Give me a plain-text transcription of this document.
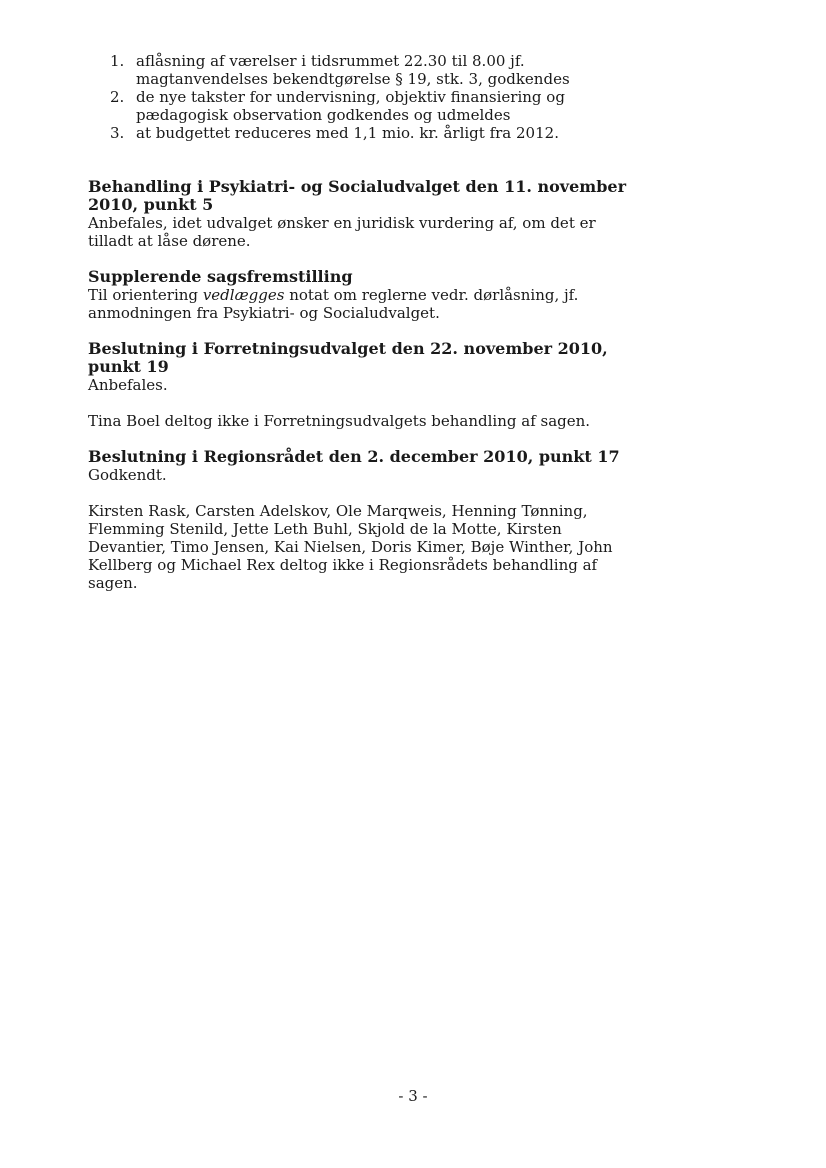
1. aflåsning af værelser i tidsrummet 22.30 til 8.00 jf. magtanvendelses bekendtgørelse § 19, stk. 3, godkendes
2. de nye takster for undervisning, objektiv finansiering og pædagogisk observation godkendes og udmeldes
3. at budgettet reduceres med 1,1 mio. kr. årligt fra 2012.

Behandling i Psykiatri- og Socialudvalget den 11. november 2010, punkt 5

Anbefales, idet udvalget ønsker en juridisk vurdering af, om det er tilladt at låse dørene.

Supplerende sagsfremstilling

Til orientering vedlægges notat om reglerne vedr. dørlåsning, jf. anmodningen fra Psykiatri- og Socialudvalget.

Beslutning i Forretningsudvalget den 22. november 2010, punkt 19

Anbefales.

Tina Boel deltog ikke i Forretningsudvalgets behandling af sagen.

Beslutning i Regionsrådet den 2. december 2010, punkt 17

Godkendt.

Kirsten Rask, Carsten Adelskov, Ole Marqweis, Henning Tønning, Flemming Stenild, Jette Leth Buhl, Skjold de la Motte, Kirsten Devantier, Timo Jensen, Kai Nielsen, Doris Kimer, Bøje Winther, John Kellberg og Michael Rex deltog ikke i Regionsrådets behandling af sagen.

- 3 -
